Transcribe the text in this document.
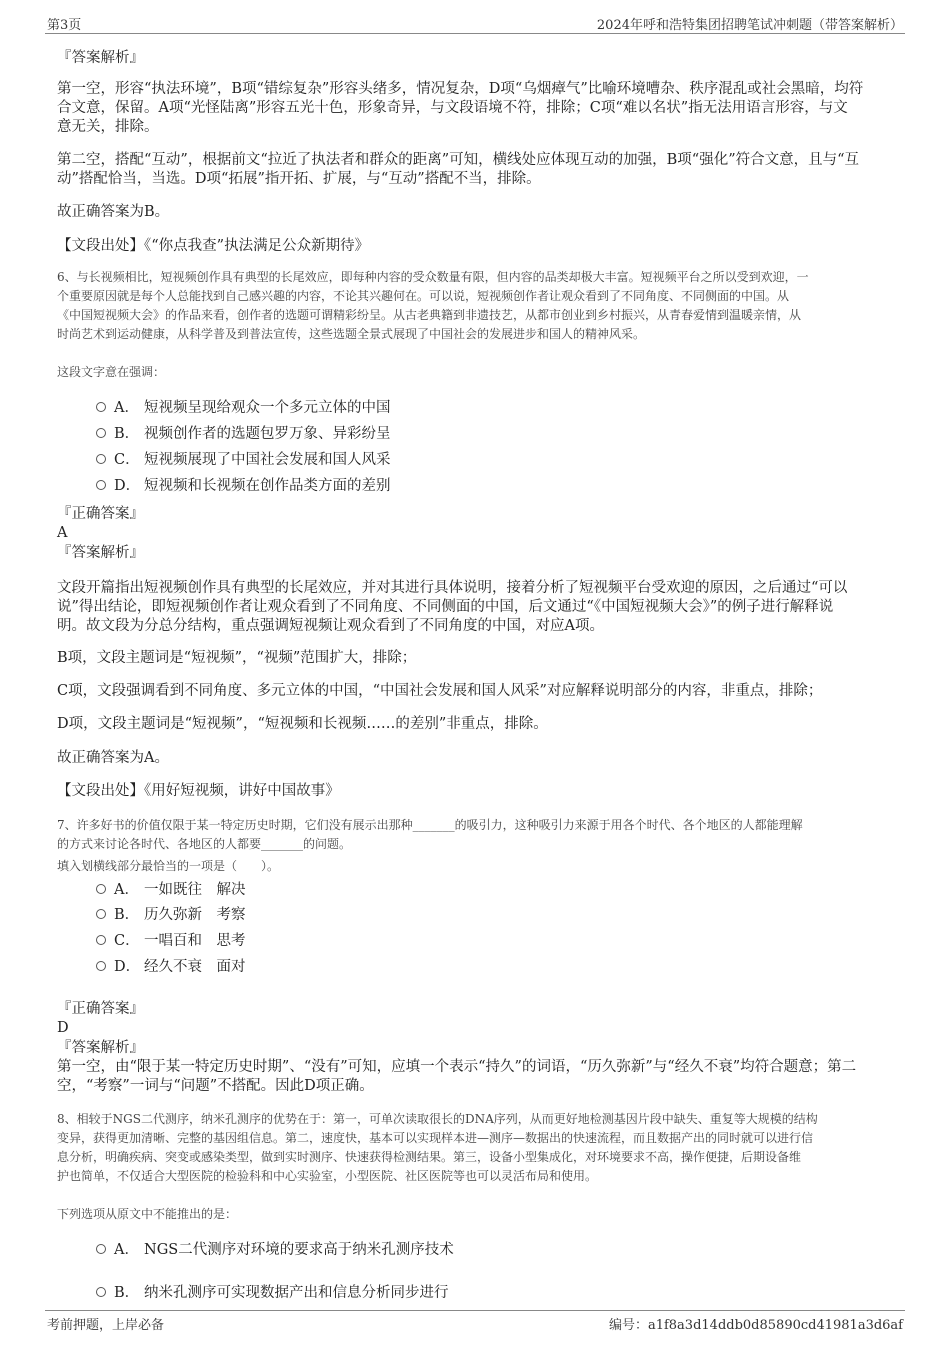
第3页	2024年呼和浩特集团招聘笔试冲刺题（带答案解析）
『答案解析』
第一空，形容“执法环境”，B项“错综复杂”形容头绪多，情况复杂，D项“乌烟瘴气”比喻环境嘈杂、秩序混乱或社会黑暗，均符
合文意，保留。A项“光怪陆离”形容五光十色，形象奇异，与文段语境不符，排除；C项“难以名状”指无法用语言形容，与文
意无关，排除。
第二空，搭配“互动”，根据前文“拉近了执法者和群众的距离”可知，横线处应体现互动的加强，B项“强化”符合文意，且与“互
动”搭配恰当，当选。D项“拓展”指开拓、扩展，与“互动”搭配不当，排除。
故正确答案为B。
【文段出处】《“你点我查”执法满足公众新期待》
6、与长视频相比，短视频创作具有典型的长尾效应，即每种内容的受众数量有限，但内容的品类却极大丰富。短视频平台之所以受到欢迎，一
个重要原因就是每个人总能找到自己感兴趣的内容，不论其兴趣何在。可以说，短视频创作者让观众看到了不同角度、不同侧面的中国。从
《中国短视频大会》的作品来看，创作者的选题可谓精彩纷呈。从古老典籍到非遗技艺，从都市创业到乡村振兴，从青春爱情到温暖亲情，从
时尚艺术到运动健康，从科学普及到普法宣传，这些选题全景式展现了中国社会的发展进步和国人的精神风采。
这段文字意在强调：
A． 短视频呈现给观众一个多元立体的中国
B． 视频创作者的选题包罗万象、异彩纷呈
C． 短视频展现了中国社会发展和国人风采
D． 短视频和长视频在创作品类方面的差别
『正确答案』
A
『答案解析』
文段开篇指出短视频创作具有典型的长尾效应，并对其进行具体说明，接着分析了短视频平台受欢迎的原因，之后通过“可以
说”得出结论，即短视频创作者让观众看到了不同角度、不同侧面的中国，后文通过“《中国短视频大会》”的例子进行解释说
明。故文段为分总分结构，重点强调短视频让观众看到了不同角度的中国，对应A项。
B项，文段主题词是“短视频”，“视频”范围扩大，排除；
C项，文段强调看到不同角度、多元立体的中国，“中国社会发展和国人风采”对应解释说明部分的内容，非重点，排除；
D项，文段主题词是“短视频”，“短视频和长视频……的差别”非重点，排除。
故正确答案为A。
【文段出处】《用好短视频，讲好中国故事》
7、许多好书的价值仅限于某一特定历史时期，它们没有展示出那种_______的吸引力，这种吸引力来源于用各个时代、各个地区的人都能理解
的方式来讨论各时代、各地区的人都要_______的问题。
填入划横线部分最恰当的一项是（　　）。
A． 一如既往　解决
B． 历久弥新　考察
C． 一唱百和　思考
D． 经久不衰　面对
『正确答案』
D
『答案解析』
第一空，由“限于某一特定历史时期”、“没有”可知，应填一个表示“持久”的词语，“历久弥新”与“经久不衰”均符合题意；第二
空，“考察”一词与“问题”不搭配。因此D项正确。
8、相较于NGS二代测序，纳米孔测序的优势在于：第一，可单次读取很长的DNA序列，从而更好地检测基因片段中缺失、重复等大规模的结构
变异，获得更加清晰、完整的基因组信息。第二，速度快，基本可以实现样本进—测序—数据出的快速流程，而且数据产出的同时就可以进行信
息分析，明确疾病、突变或感染类型，做到实时测序、快速获得检测结果。第三，设备小型集成化，对环境要求不高，操作便捷，后期设备维
护也简单，不仅适合大型医院的检验科和中心实验室，小型医院、社区医院等也可以灵活布局和使用。
下列选项从原文中不能推出的是：
A． NGS二代测序对环境的要求高于纳米孔测序技术
B． 纳米孔测序可实现数据产出和信息分析同步进行
考前押题，上岸必备	编号：a1f8a3d14ddb0d85890cd41981a3d6af
